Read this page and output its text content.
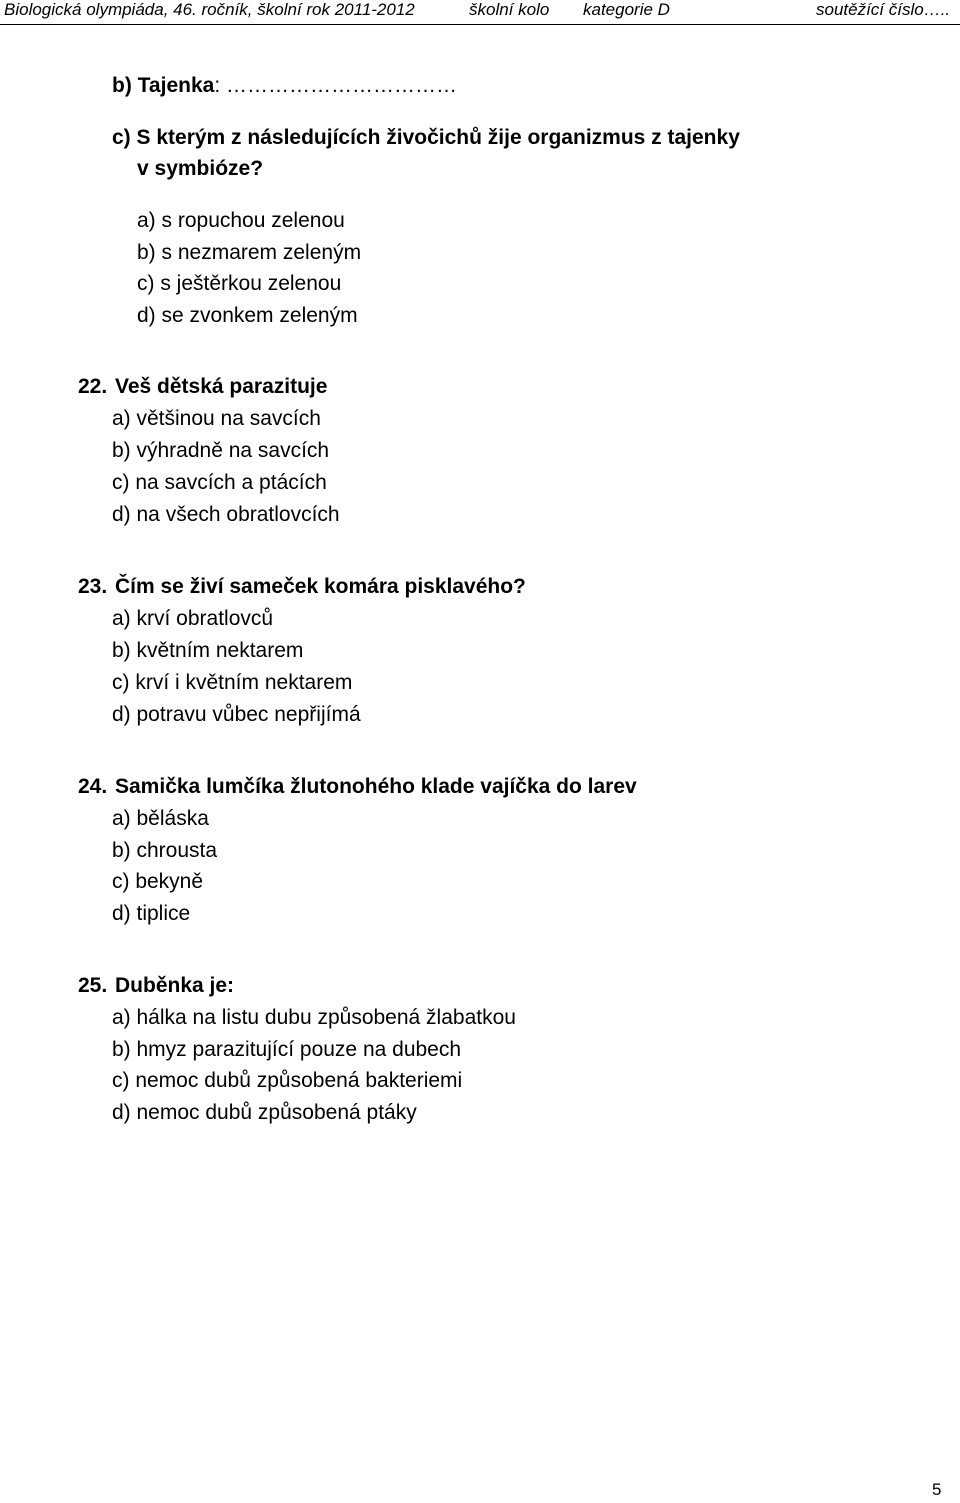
Biologická olympiáda, 46. ročník, školní rok 2011-2012	školní kolo kategorie D	soutěžící číslo…..
b) Tajenka: ……………………………
c) S kterým z následujících živočichů žije organizmus z tajenky
v symbióze?
a) s ropuchou zelenou
b) s nezmarem zeleným
c) s ještěrkou zelenou
d) se zvonkem zeleným
22. Veš dětská parazituje
a) většinou na savcích
b) výhradně na savcích
c) na savcích a ptácích
d) na všech obratlovcích
23. Čím se živí sameček komára pisklavého?
a) krví obratlovců
b) květním nektarem
c) krví i květním nektarem
d) potravu vůbec nepřijímá
24. Samička lumčíka žlutonohého klade vajíčka do larev
a) běláska
b) chrousta
c) bekyně
d) tiplice
25. Duběnka je:
a) hálka na listu dubu způsobená žlabatkou
b) hmyz parazitující pouze na dubech
c) nemoc dubů způsobená bakteriemi
d) nemoc dubů způsobená ptáky
5
